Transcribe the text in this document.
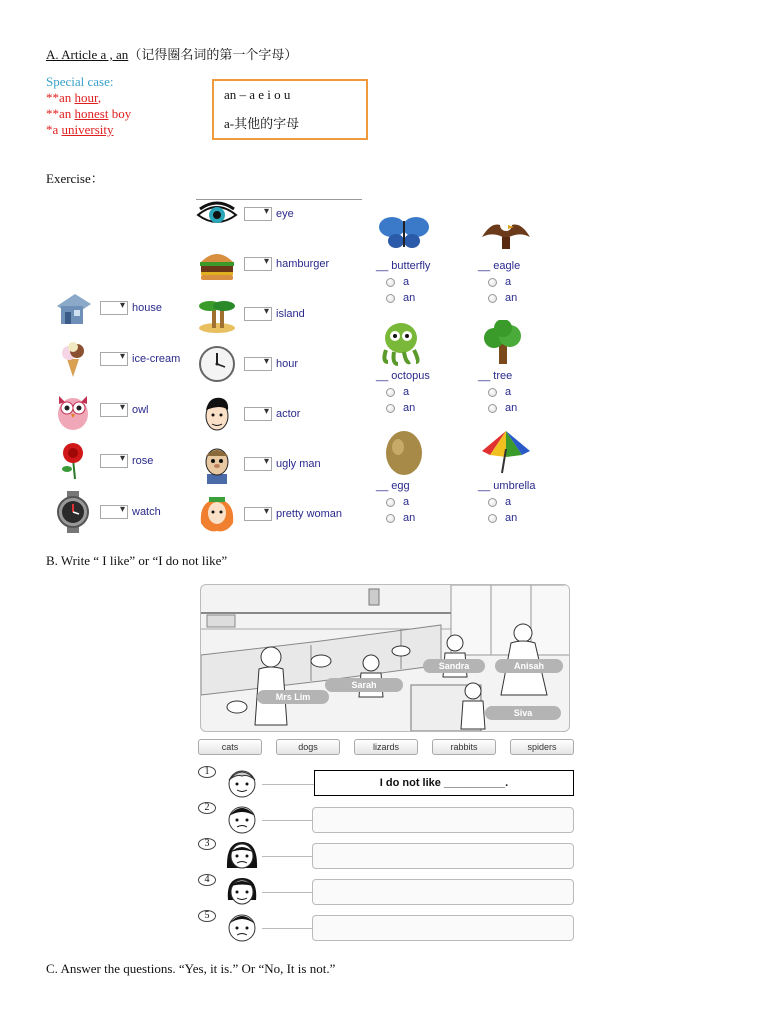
A. Article a , an（记得圈名词的第一个字母）
Special case:
**an hour,
**an honest boy
*a university
an – a e i o u
a-其他的字母
Exercise：
▾
house
▾
ice-cream
▾
owl
▾
rose
▾
watch
▾
eye
▾
hamburger
▾
island
▾
hour
▾
actor
▾
ugly man
▾
pretty woman
__ butterfly
a
an
__ eagle
a
an
__ octopus
a
an
__ tree
a
an
__ egg
a
an
__ umbrella
a
an
B. Write “ I like” or “I do not like”
Sandra	Anisah
Sarah
Mrs Lim
Siva
cats	dogs	lizards	rabbits	spiders
1
I do not like __________.
2
3
4
5
C. Answer the questions. “Yes, it is.” Or “No, It is not.”
